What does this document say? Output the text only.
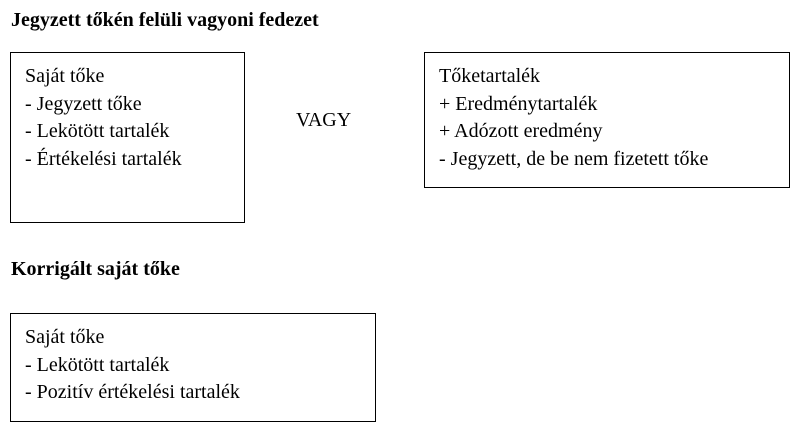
Jegyzett tőkén felüli vagyoni fedezet
Saját tőke
- Jegyzett tőke
- Lekötött tartalék
- Értékelési tartalék
VAGY
Tőketartalék
+ Eredménytartalék
+ Adózott eredmény
- Jegyzett, de be nem fizetett tőke
Korrigált saját tőke
Saját tőke
- Lekötött tartalék
- Pozitív értékelési tartalék
